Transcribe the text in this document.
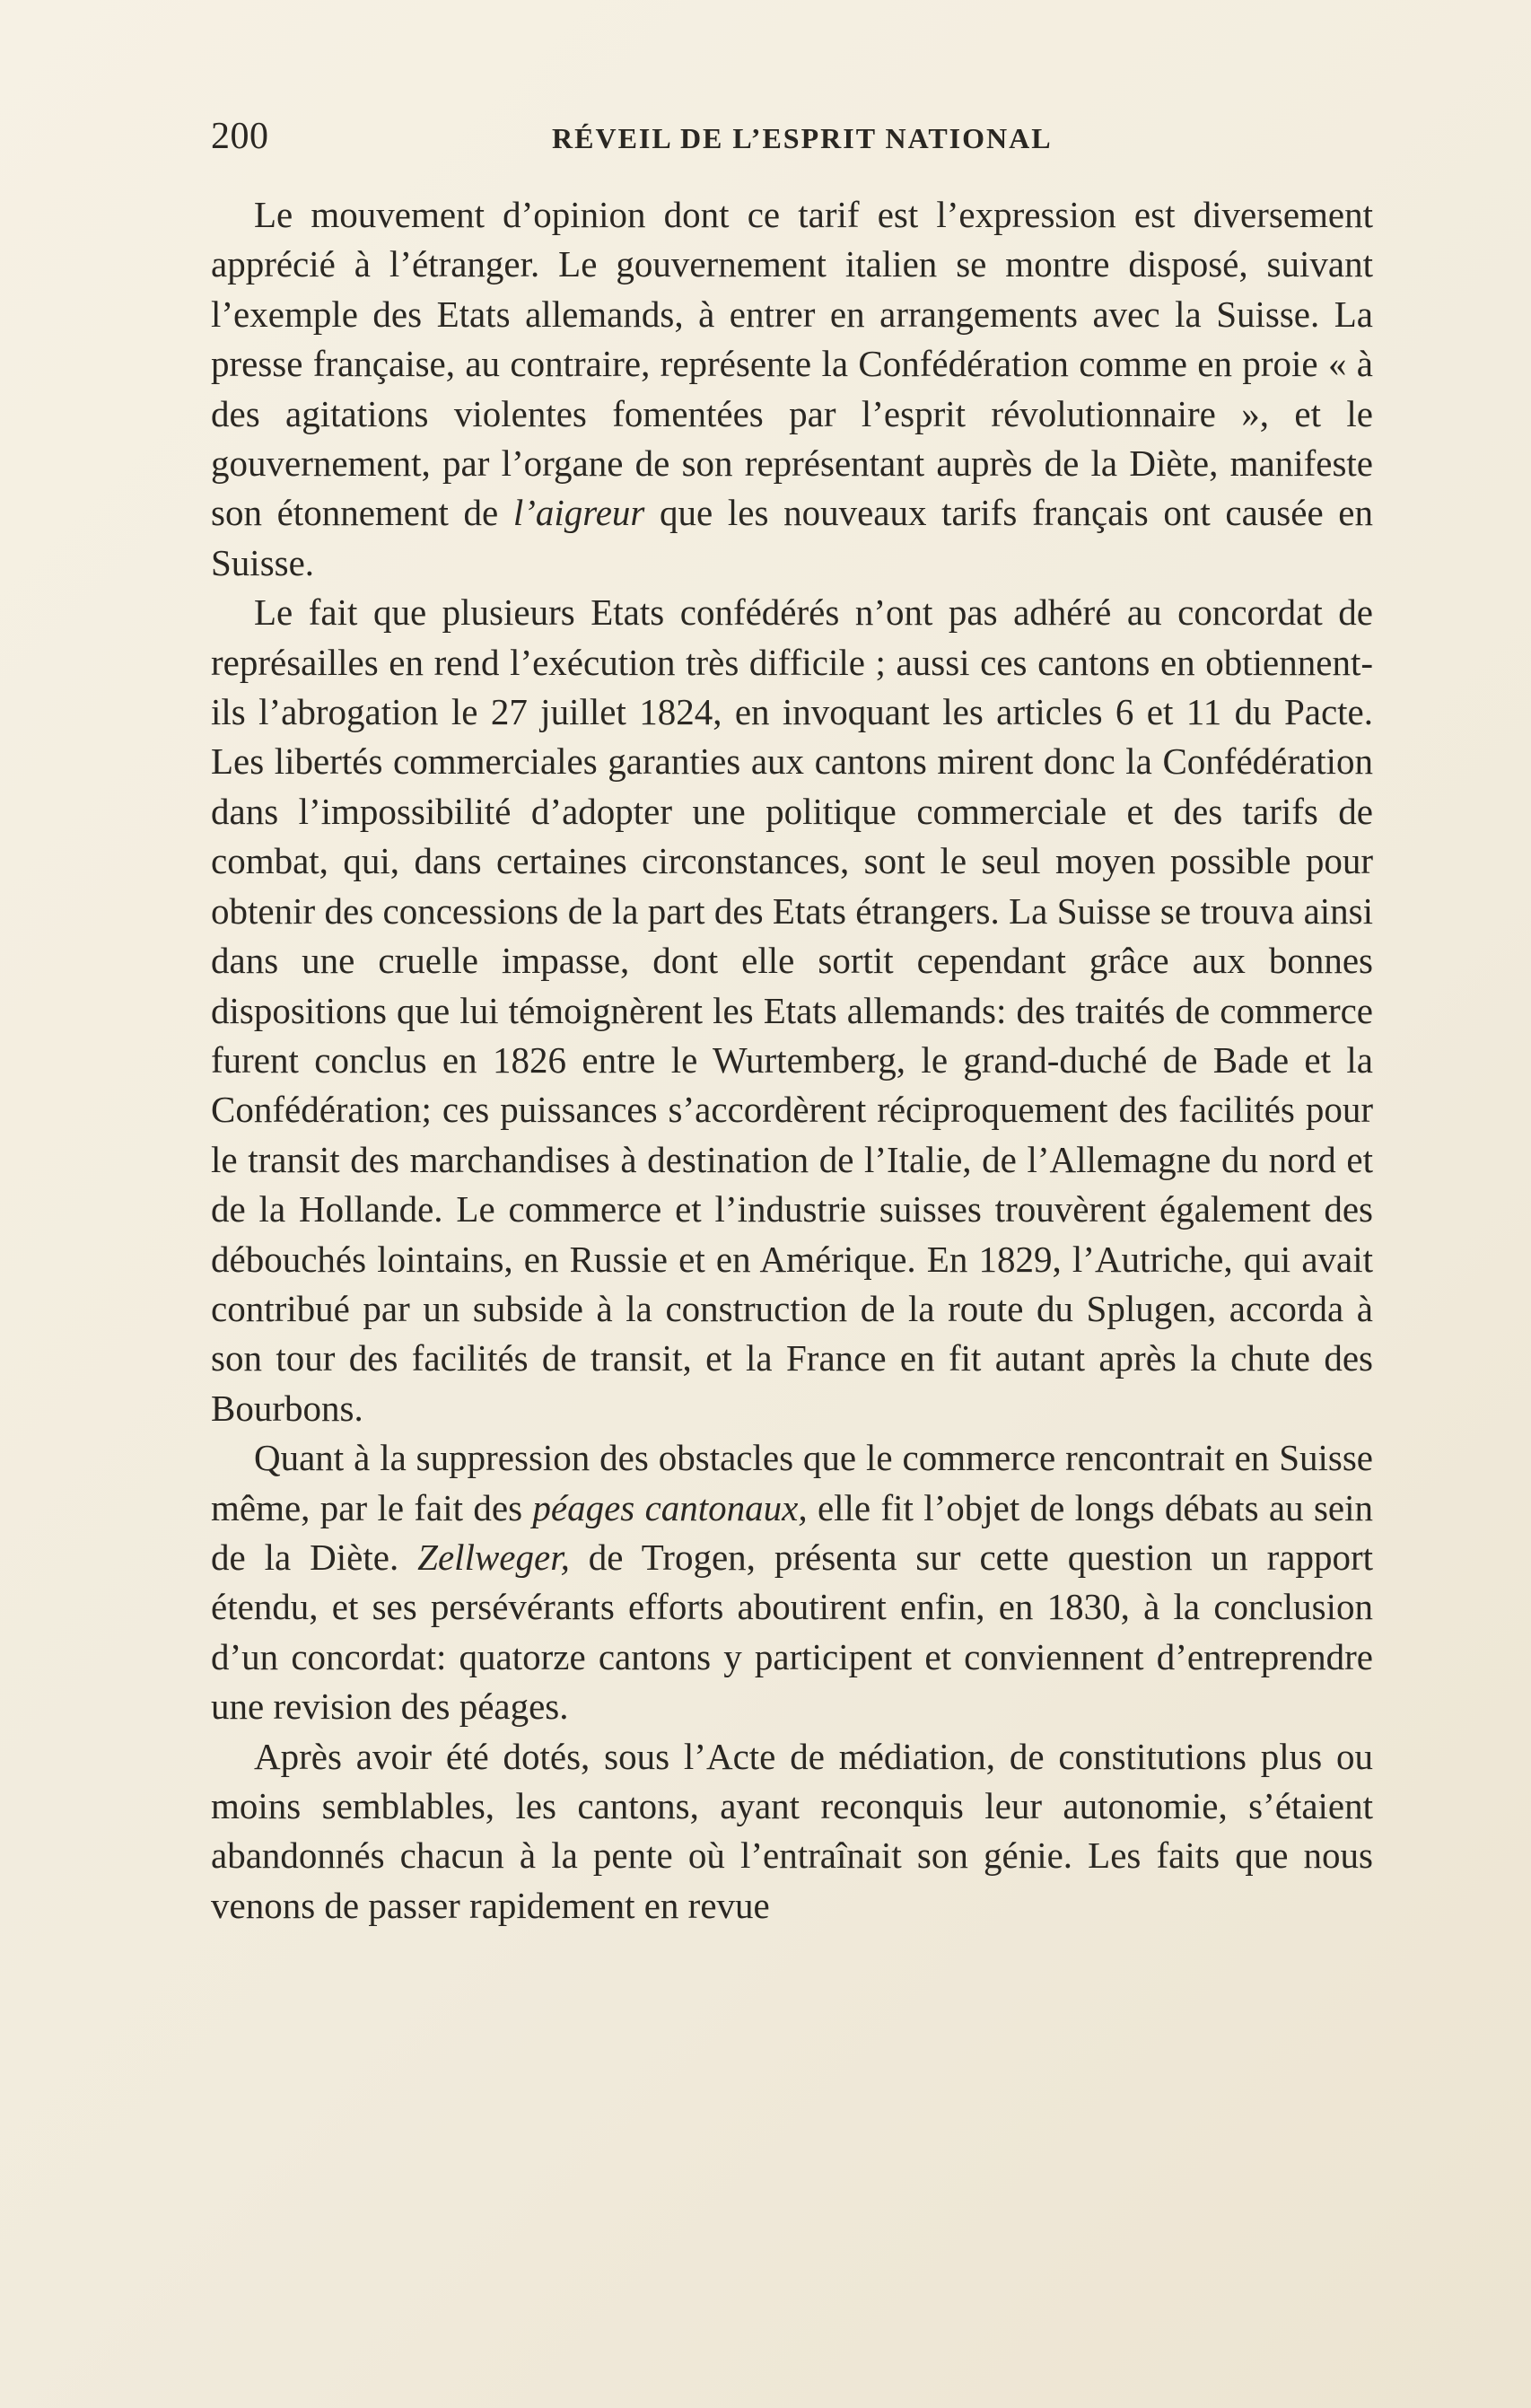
200	RÉVEIL DE L’ESPRIT NATIONAL

Le mouvement d’opinion dont ce tarif est l’expression est diversement apprécié à l’étranger. Le gouvernement italien se montre disposé, suivant l’exemple des Etats allemands, à entrer en arrangements avec la Suisse. La presse française, au contraire, représente la Confédération comme en proie « à des agitations violentes fomentées par l’esprit révolutionnaire », et le gouvernement, par l’organe de son représentant auprès de la Diète, manifeste son étonnement de l’aigreur que les nouveaux tarifs français ont causée en Suisse.

Le fait que plusieurs Etats confédérés n’ont pas adhéré au concordat de représailles en rend l’exécution très difficile ; aussi ces cantons en obtiennent-ils l’abrogation le 27 juillet 1824, en invoquant les articles 6 et 11 du Pacte. Les libertés commerciales garanties aux cantons mirent donc la Confédération dans l’impossibilité d’adopter une politique commerciale et des tarifs de combat, qui, dans certaines circonstances, sont le seul moyen possible pour obtenir des concessions de la part des Etats étrangers. La Suisse se trouva ainsi dans une cruelle impasse, dont elle sortit cependant grâce aux bonnes dispositions que lui témoignèrent les Etats allemands: des traités de commerce furent conclus en 1826 entre le Wurtemberg, le grand-duché de Bade et la Confédération; ces puissances s’accordèrent réciproquement des facilités pour le transit des marchandises à destination de l’Italie, de l’Allemagne du nord et de la Hollande. Le commerce et l’industrie suisses trouvèrent également des débouchés lointains, en Russie et en Amérique. En 1829, l’Autriche, qui avait contribué par un subside à la construction de la route du Splugen, accorda à son tour des facilités de transit, et la France en fit autant après la chute des Bourbons.

Quant à la suppression des obstacles que le commerce rencontrait en Suisse même, par le fait des péages cantonaux, elle fit l’objet de longs débats au sein de la Diète. Zellweger, de Trogen, présenta sur cette question un rapport étendu, et ses persévérants efforts aboutirent enfin, en 1830, à la conclusion d’un concordat: quatorze cantons y participent et conviennent d’entreprendre une revision des péages.

Après avoir été dotés, sous l’Acte de médiation, de constitutions plus ou moins semblables, les cantons, ayant reconquis leur autonomie, s’étaient abandonnés chacun à la pente où l’entraînait son génie. Les faits que nous venons de passer rapidement en revue
